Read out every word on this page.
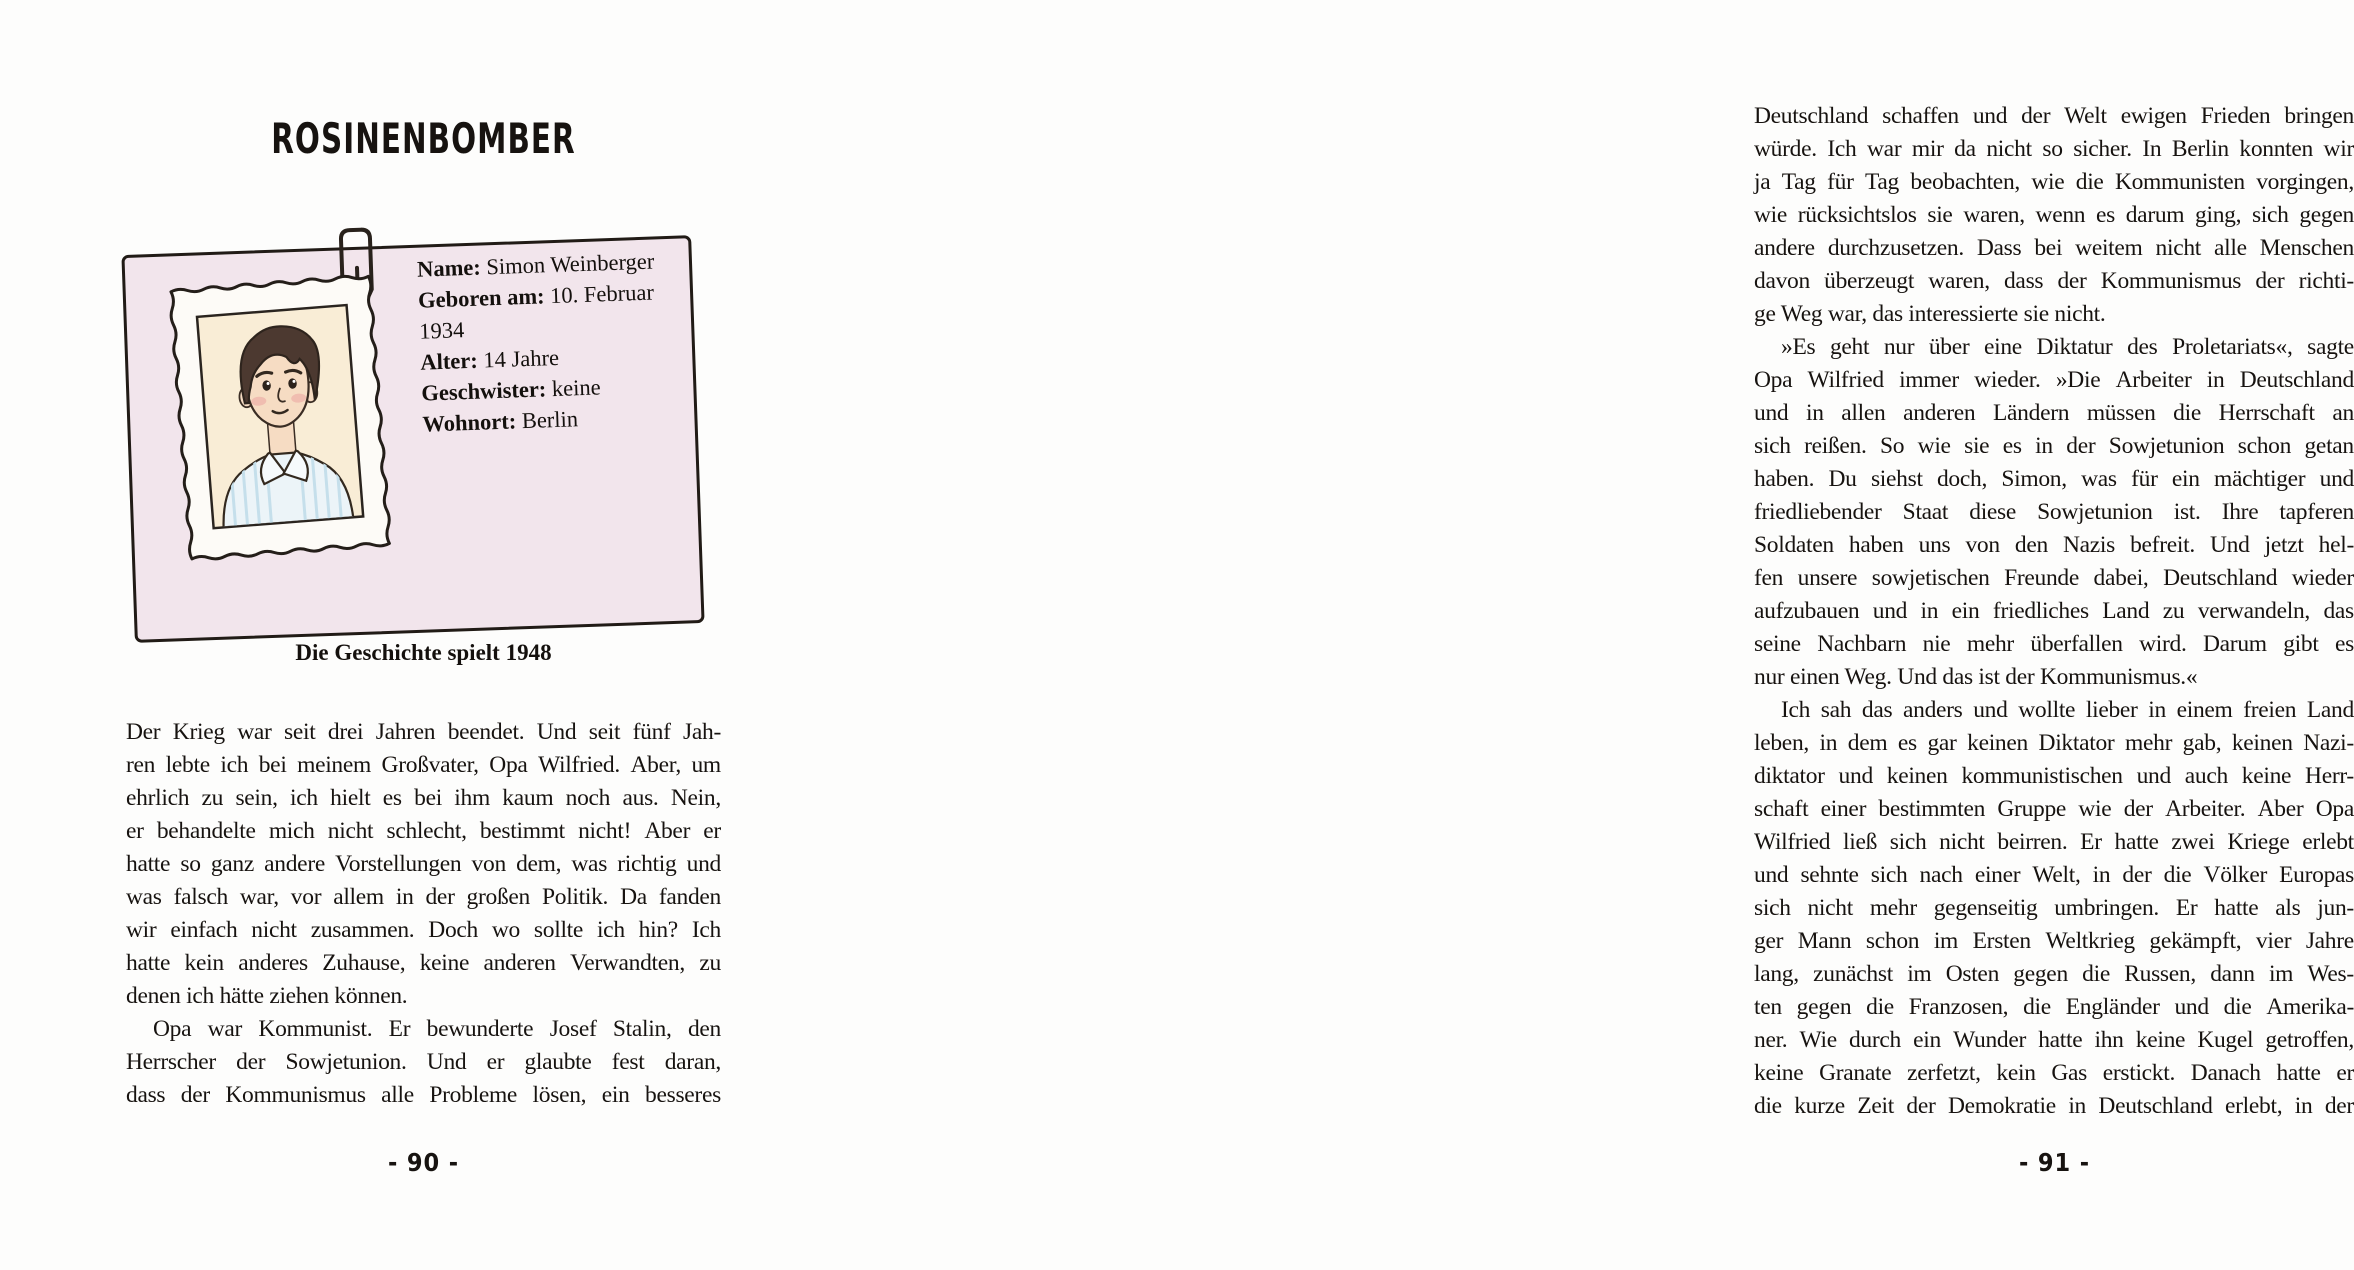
ROSINENBOMBER
Name: Simon Weinberger
Geboren am: 10. Februar 1934
Alter: 14 Jahre
Geschwister: keine
Wohnort: Berlin
Die Geschichte spielt 1948
Der Krieg war seit drei Jahren beendet. Und seit fünf Jah-
ren lebte ich bei meinem Großvater, Opa Wilfried. Aber, um
ehrlich zu sein, ich hielt es bei ihm kaum noch aus. Nein,
er behandelte mich nicht schlecht, bestimmt nicht! Aber er
hatte so ganz andere Vorstellungen von dem, was richtig und
was falsch war, vor allem in der großen Politik. Da fanden
wir einfach nicht zusammen. Doch wo sollte ich hin? Ich
hatte kein anderes Zuhause, keine anderen Verwandten, zu
denen ich hätte ziehen können.
Opa war Kommunist. Er bewunderte Josef Stalin, den
Herrscher der Sowjetunion. Und er glaubte fest daran,
dass der Kommunismus alle Probleme lösen, ein besseres
- 90 -
Deutschland schaffen und der Welt ewigen Frieden bringen
würde. Ich war mir da nicht so sicher. In Berlin konnten wir
ja Tag für Tag beobachten, wie die Kommunisten vorgingen,
wie rücksichtslos sie waren, wenn es darum ging, sich gegen
andere durchzusetzen. Dass bei weitem nicht alle Menschen
davon überzeugt waren, dass der Kommunismus der richti-
ge Weg war, das interessierte sie nicht.
»Es geht nur über eine Diktatur des Proletariats«, sagte
Opa Wilfried immer wieder. »Die Arbeiter in Deutschland
und in allen anderen Ländern müssen die Herrschaft an
sich reißen. So wie sie es in der Sowjetunion schon getan
haben. Du siehst doch, Simon, was für ein mächtiger und
friedliebender Staat diese Sowjetunion ist. Ihre tapferen
Soldaten haben uns von den Nazis befreit. Und jetzt hel-
fen unsere sowjetischen Freunde dabei, Deutschland wieder
aufzubauen und in ein friedliches Land zu verwandeln, das
seine Nachbarn nie mehr überfallen wird. Darum gibt es
nur einen Weg. Und das ist der Kommunismus.«
Ich sah das anders und wollte lieber in einem freien Land
leben, in dem es gar keinen Diktator mehr gab, keinen Nazi-
diktator und keinen kommunistischen und auch keine Herr-
schaft einer bestimmten Gruppe wie der Arbeiter. Aber Opa
Wilfried ließ sich nicht beirren. Er hatte zwei Kriege erlebt
und sehnte sich nach einer Welt, in der die Völker Europas
sich nicht mehr gegenseitig umbringen. Er hatte als jun-
ger Mann schon im Ersten Weltkrieg gekämpft, vier Jahre
lang, zunächst im Osten gegen die Russen, dann im Wes-
ten gegen die Franzosen, die Engländer und die Amerika-
ner. Wie durch ein Wunder hatte ihn keine Kugel getroffen,
keine Granate zerfetzt, kein Gas erstickt. Danach hatte er
die kurze Zeit der Demokratie in Deutschland erlebt, in der
- 91 -
